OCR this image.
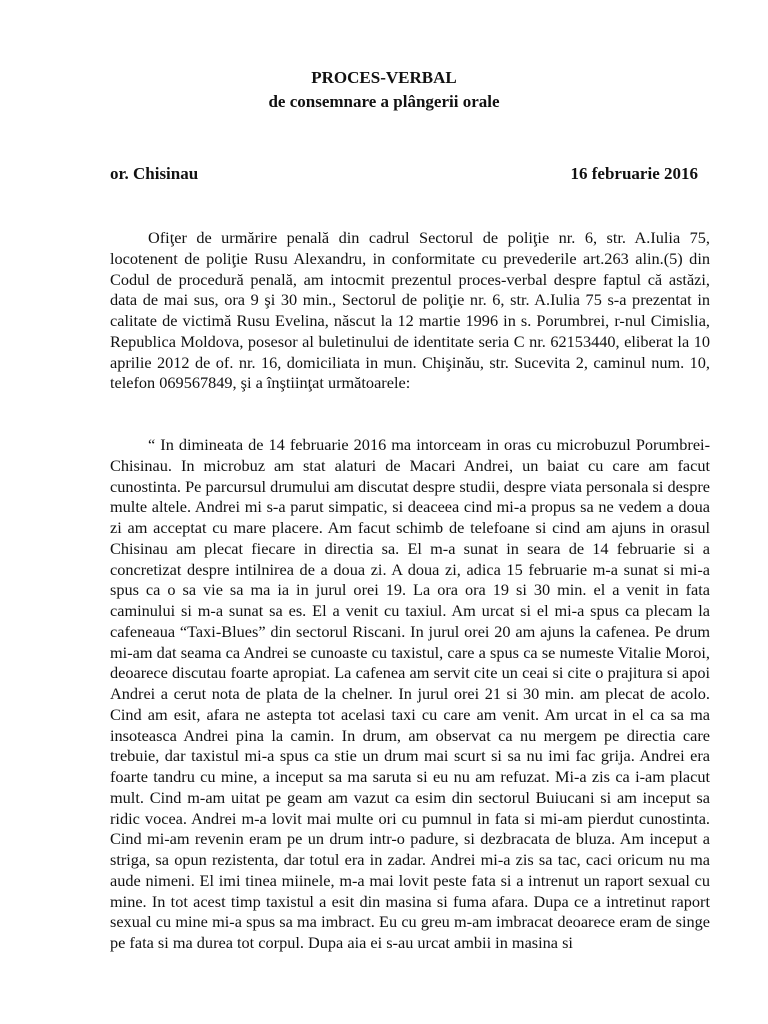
PROCES-VERBAL
de consemnare a plângerii orale
or. Chisinau	16 februarie 2016

Ofiţer de urmărire penală din cadrul Sectorul de poliţie nr. 6, str. A.Iulia 75, locotenent de poliţie Rusu Alexandru, in conformitate cu prevederile art.263 alin.(5) din Codul de procedură penală, am intocmit prezentul proces-verbal despre faptul că astăzi, data de mai sus, ora 9 şi 30 min., Sectorul de poliţie nr. 6, str. A.Iulia 75 s-a prezentat in calitate de victimă Rusu Evelina, născut la 12 martie 1996 in s. Porumbrei, r-nul Cimislia, Republica Moldova, posesor al buletinului de identitate seria C nr. 62153440, eliberat la 10 aprilie 2012 de of. nr. 16, domiciliata in mun. Chişinău, str. Sucevita 2, caminul num. 10, telefon 069567849, şi a înştiinţat următoarele:

“ In dimineata de 14 februarie 2016 ma intorceam in oras cu microbuzul Porumbrei-Chisinau. In microbuz am stat alaturi de Macari Andrei, un baiat cu care am facut cunostinta. Pe parcursul drumului am discutat despre studii, despre viata personala si despre multe altele. Andrei mi s-a parut simpatic, si deaceea cind mi-a propus sa ne vedem a doua zi am acceptat cu mare placere. Am facut schimb de telefoane si cind am ajuns in orasul Chisinau am plecat fiecare in directia sa. El m-a sunat in seara de 14 februarie si a concretizat despre intilnirea de a doua zi. A doua zi, adica 15 februarie m-a sunat si mi-a spus ca o sa vie sa ma ia in jurul orei 19. La ora ora 19 si 30 min. el a venit in fata caminului si m-a sunat sa es. El a venit cu taxiul. Am urcat si el mi-a spus ca plecam la cafeneaua “Taxi-Blues” din sectorul Riscani. In jurul orei 20 am ajuns la cafenea. Pe drum mi-am dat seama ca Andrei se cunoaste cu taxistul, care a spus ca se numeste Vitalie Moroi, deoarece discutau foarte apropiat. La cafenea am servit cite un ceai si cite o prajitura si apoi Andrei a cerut nota de plata de la chelner. In jurul orei 21 si 30 min. am plecat de acolo. Cind am esit, afara ne astepta tot acelasi taxi cu care am venit. Am urcat in el ca sa ma insoteasca Andrei pina la camin. In drum, am observat ca nu mergem pe directia care trebuie, dar taxistul mi-a spus ca stie un drum mai scurt si sa nu imi fac grija. Andrei era foarte tandru cu mine, a inceput sa ma saruta si eu nu am refuzat. Mi-a zis ca i-am placut mult. Cind m-am uitat pe geam am vazut ca esim din sectorul Buiucani si am inceput sa ridic vocea. Andrei m-a lovit mai multe ori cu pumnul in fata si mi-am pierdut cunostinta. Cind mi-am revenin eram pe un drum intr-o padure, si dezbracata de bluza. Am inceput a striga, sa opun rezistenta, dar totul era in zadar. Andrei mi-a zis sa tac, caci oricum nu ma aude nimeni. El imi tinea miinele, m-a mai lovit peste fata si a intrenut un raport sexual cu mine. In tot acest timp taxistul a esit din masina si fuma afara. Dupa ce a intretinut raport sexual cu mine mi-a spus sa ma imbract. Eu cu greu m-am imbracat deoarece eram de singe pe fata si ma durea tot corpul. Dupa aia ei s-au urcat ambii in masina si
